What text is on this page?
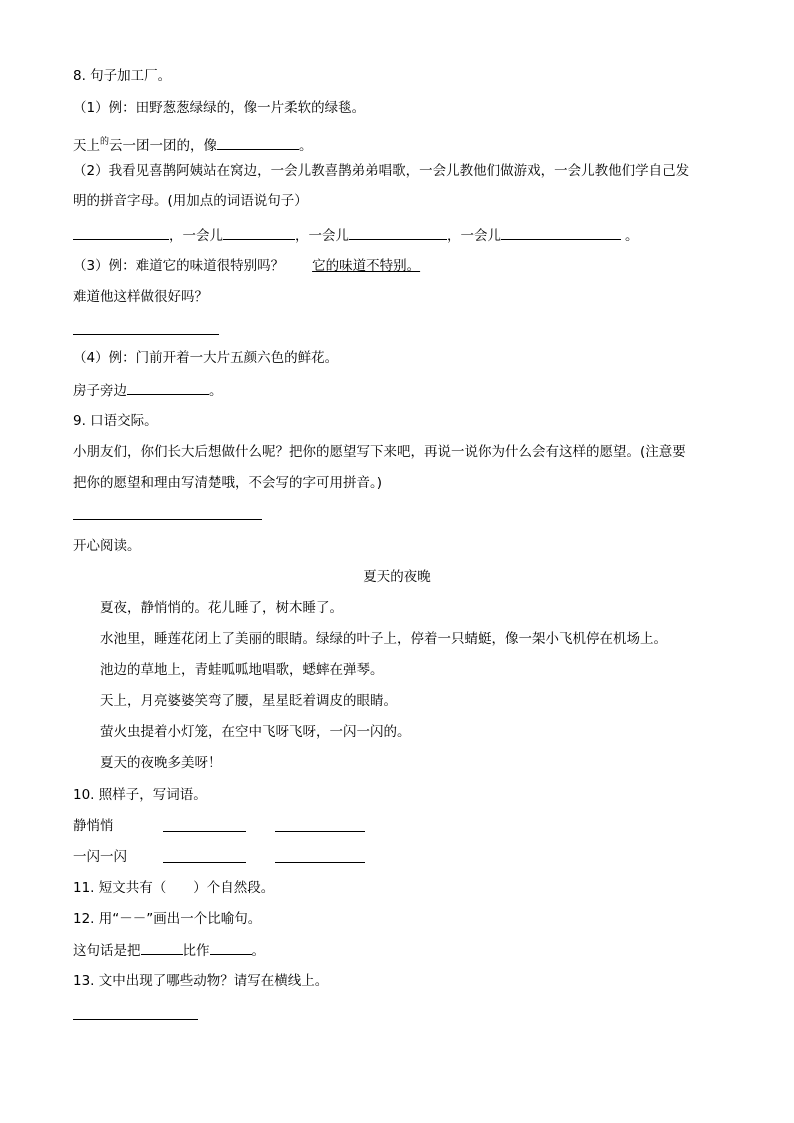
8. 句子加工厂。
（1）例：田野葱葱绿绿的，像一片柔软的绿毯。
天上$^的$云一团一团的，像	。
（2）我看见喜鹊阿姨站在窝边，一会儿教喜鹊弟弟唱歌，一会儿教他们做游戏，一会儿教他们学自己发
明的拼音字母。(用加点的词语说句子）
，一会儿	，一会儿	，一会儿	。
（3）例：难道它的味道很特别吗？ 它的味道不特别。
难道他这样做很好吗？
（4）例：门前开着一大片五颜六色的鲜花。
房子旁边	。
9. 口语交际。
小朋友们，你们长大后想做什么呢？把你的愿望写下来吧，再说一说你为什么会有这样的愿望。(注意要
把你的愿望和理由写清楚哦，不会写的字可用拼音。)
开心阅读。
夏天的夜晚
夏夜，静悄悄的。花儿睡了，树木睡了。
水池里，睡莲花闭上了美丽的眼睛。绿绿的叶子上，停着一只蜻蜓，像一架小飞机停在机场上。
池边的草地上，青蛙呱呱地唱歌，蟋蟀在弹琴。
天上，月亮婆婆笑弯了腰，星星眨着调皮的眼睛。
萤火虫提着小灯笼，在空中飞呀飞呀，一闪一闪的。
夏天的夜晚多美呀！
10. 照样子，写词语。
静悄悄
一闪一闪
11. 短文共有（　　）个自然段。
12. 用“－－”画出一个比喻句。
这句话是把	比作	。
13. 文中出现了哪些动物？请写在横线上。
